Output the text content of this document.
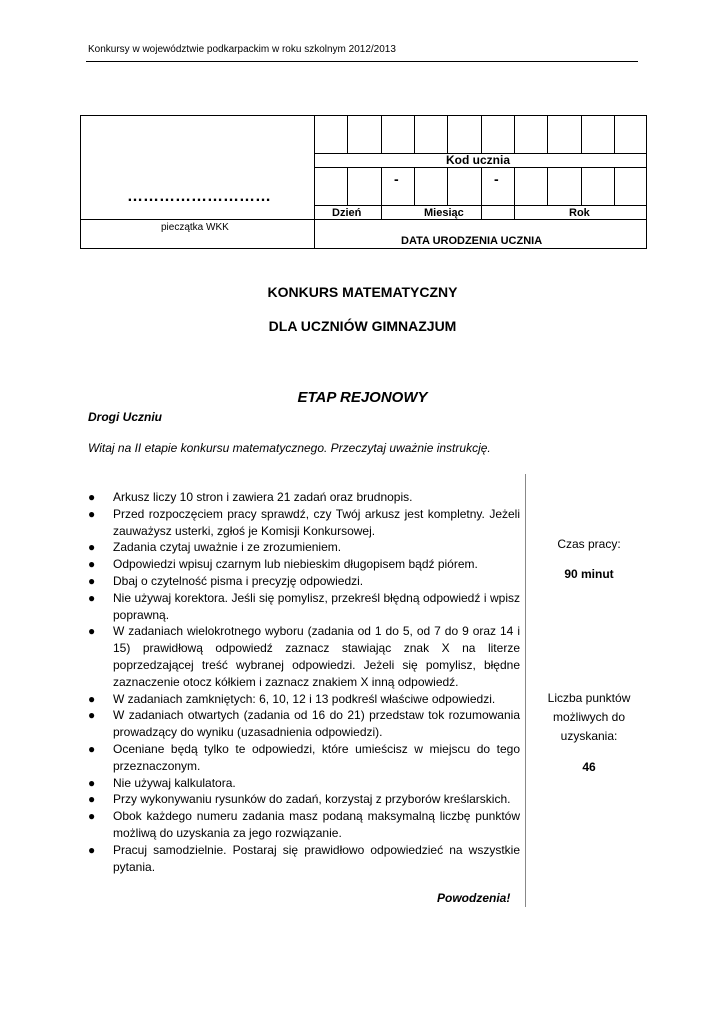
Konkursy w województwie podkarpackim w roku szkolnym 2012/2013
………………………
pieczątka WKK
Kod ucznia
-	-
Dzień	Miesiąc	Rok
DATA URODZENIA UCZNIA
KONKURS MATEMATYCZNY
DLA UCZNIÓW GIMNAZJUM
ETAP REJONOWY
Drogi Uczniu
Witaj na II etapie konkursu matematycznego. Przeczytaj uważnie instrukcję.
● Arkusz liczy 10 stron i zawiera 21 zadań oraz brudnopis.
● Przed rozpoczęciem pracy sprawdź, czy Twój arkusz jest kompletny. Jeżeli zauważysz usterki, zgłoś je Komisji Konkursowej.
● Zadania czytaj uważnie i ze zrozumieniem.
● Odpowiedzi wpisuj czarnym lub niebieskim długopisem bądź piórem.
● Dbaj o czytelność pisma i precyzję odpowiedzi.
● Nie używaj korektora. Jeśli się pomylisz, przekreśl błędną odpowiedź i wpisz poprawną.
● W zadaniach wielokrotnego wyboru (zadania od 1 do 5, od 7 do 9 oraz 14 i 15) prawidłową odpowiedź zaznacz stawiając znak X na literze poprzedzającej treść wybranej odpowiedzi. Jeżeli się pomylisz, błędne zaznaczenie otocz kółkiem i zaznacz znakiem X inną odpowiedź.
● W zadaniach zamkniętych: 6, 10, 12 i 13 podkreśl właściwe odpowiedzi.
● W zadaniach otwartych (zadania od 16 do 21) przedstaw tok rozumowania prowadzący do wyniku (uzasadnienia odpowiedzi).
● Oceniane będą tylko te odpowiedzi, które umieścisz w miejscu do tego przeznaczonym.
● Nie używaj kalkulatora.
● Przy wykonywaniu rysunków do zadań, korzystaj z przyborów kreślarskich.
● Obok każdego numeru zadania masz podaną maksymalną liczbę punktów możliwą do uzyskania za jego rozwiązanie.
● Pracuj samodzielnie. Postaraj się prawidłowo odpowiedzieć na wszystkie pytania.
Powodzenia!
Czas pracy:
90 minut
Liczba punktów
możliwych do
uzyskania:
46
